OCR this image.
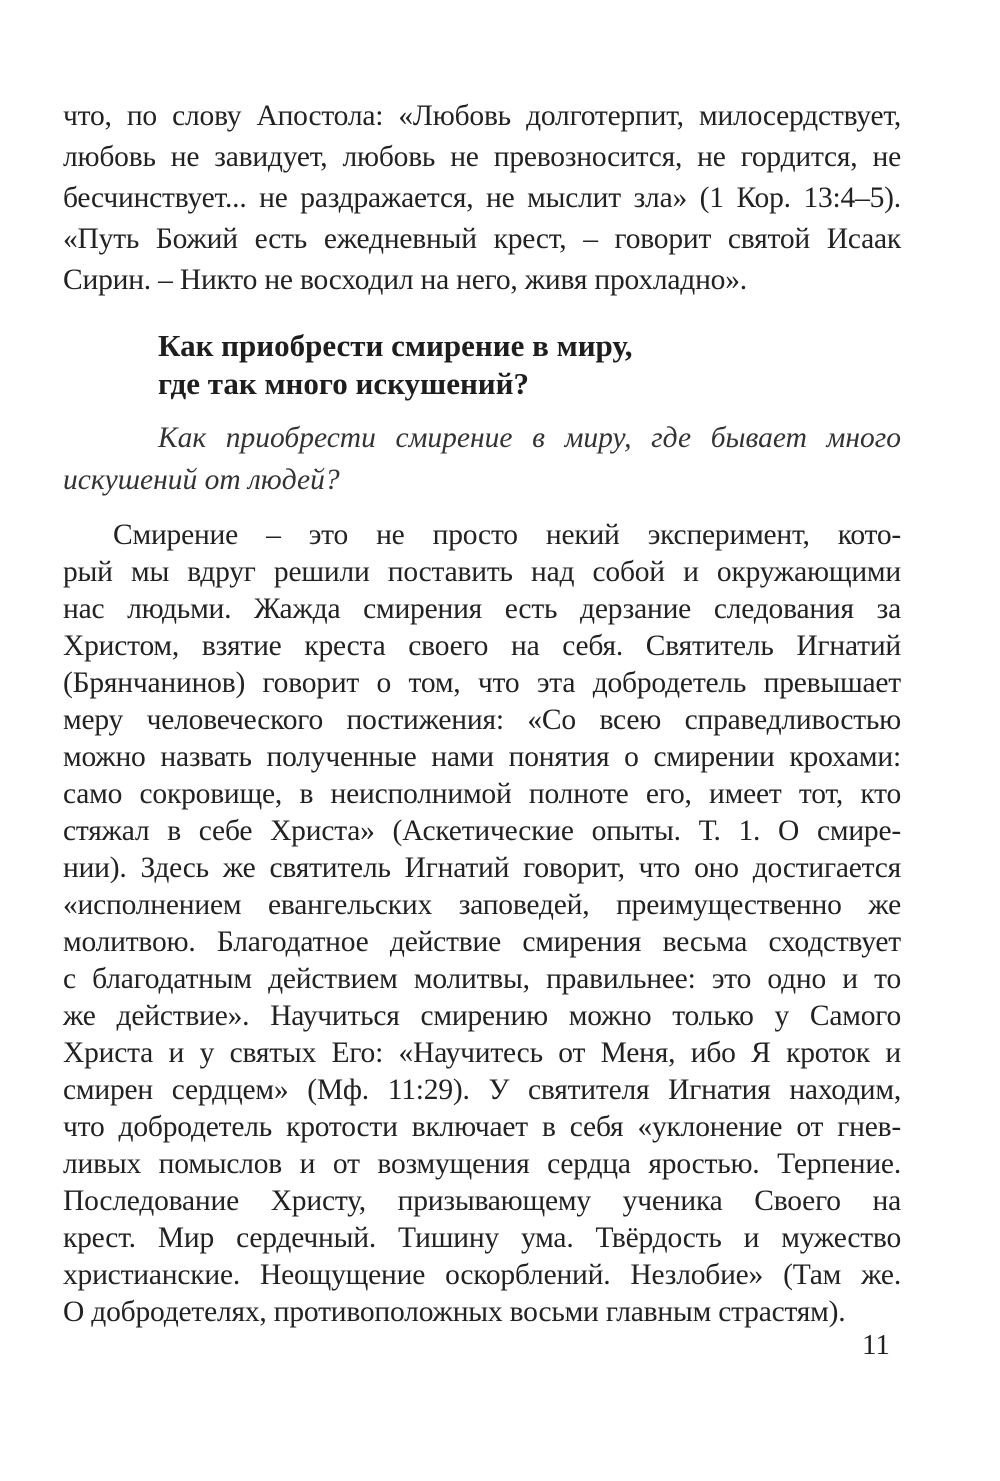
что, по слову Апостола: «Любовь долготерпит, милосердствует,
любовь не завидует, любовь не превозносится, не гордится, не
бесчинствует... не раздражается, не мыслит зла» (1 Кор. 13:4–5).
«Путь Божий есть ежедневный крест, – говорит святой Исаак
Сирин. – Никто не восходил на него, живя прохладно».
Как приобрести смирение в миру,
где так много искушений?
Как приобрести смирение в миру, где бывает много
искушений от людей?
Смирение – это не просто некий эксперимент, кото-
рый мы вдруг решили поставить над собой и окружающими
нас людьми. Жажда смирения есть дерзание следования за
Христом, взятие креста своего на себя. Святитель Игнатий
(Брянчанинов) говорит о том, что эта добродетель превышает
меру человеческого постижения: «Со всею справедливостью
можно назвать полученные нами понятия о смирении крохами:
само сокровище, в неисполнимой полноте его, имеет тот, кто
стяжал в себе Христа» (Аскетические опыты. Т. 1. О смире-
нии). Здесь же святитель Игнатий говорит, что оно достигается
«исполнением евангельских заповедей, преимущественно же
молитвою. Благодатное действие смирения весьма сходствует
с благодатным действием молитвы, правильнее: это одно и то
же действие». Научиться смирению можно только у Самого
Христа и у святых Его: «Научитесь от Меня, ибо Я кроток и
смирен сердцем» (Мф. 11:29). У святителя Игнатия находим,
что добродетель кротости включает в себя «уклонение от гнев-
ливых помыслов и от возмущения сердца яростью. Терпение.
Последование Христу, призывающему ученика Своего на
крест. Мир сердечный. Тишину ума. Твёрдость и мужество
христианские. Неощущение оскорблений. Незлобие» (Там же.
О добродетелях, противоположных восьми главным страстям).
11
